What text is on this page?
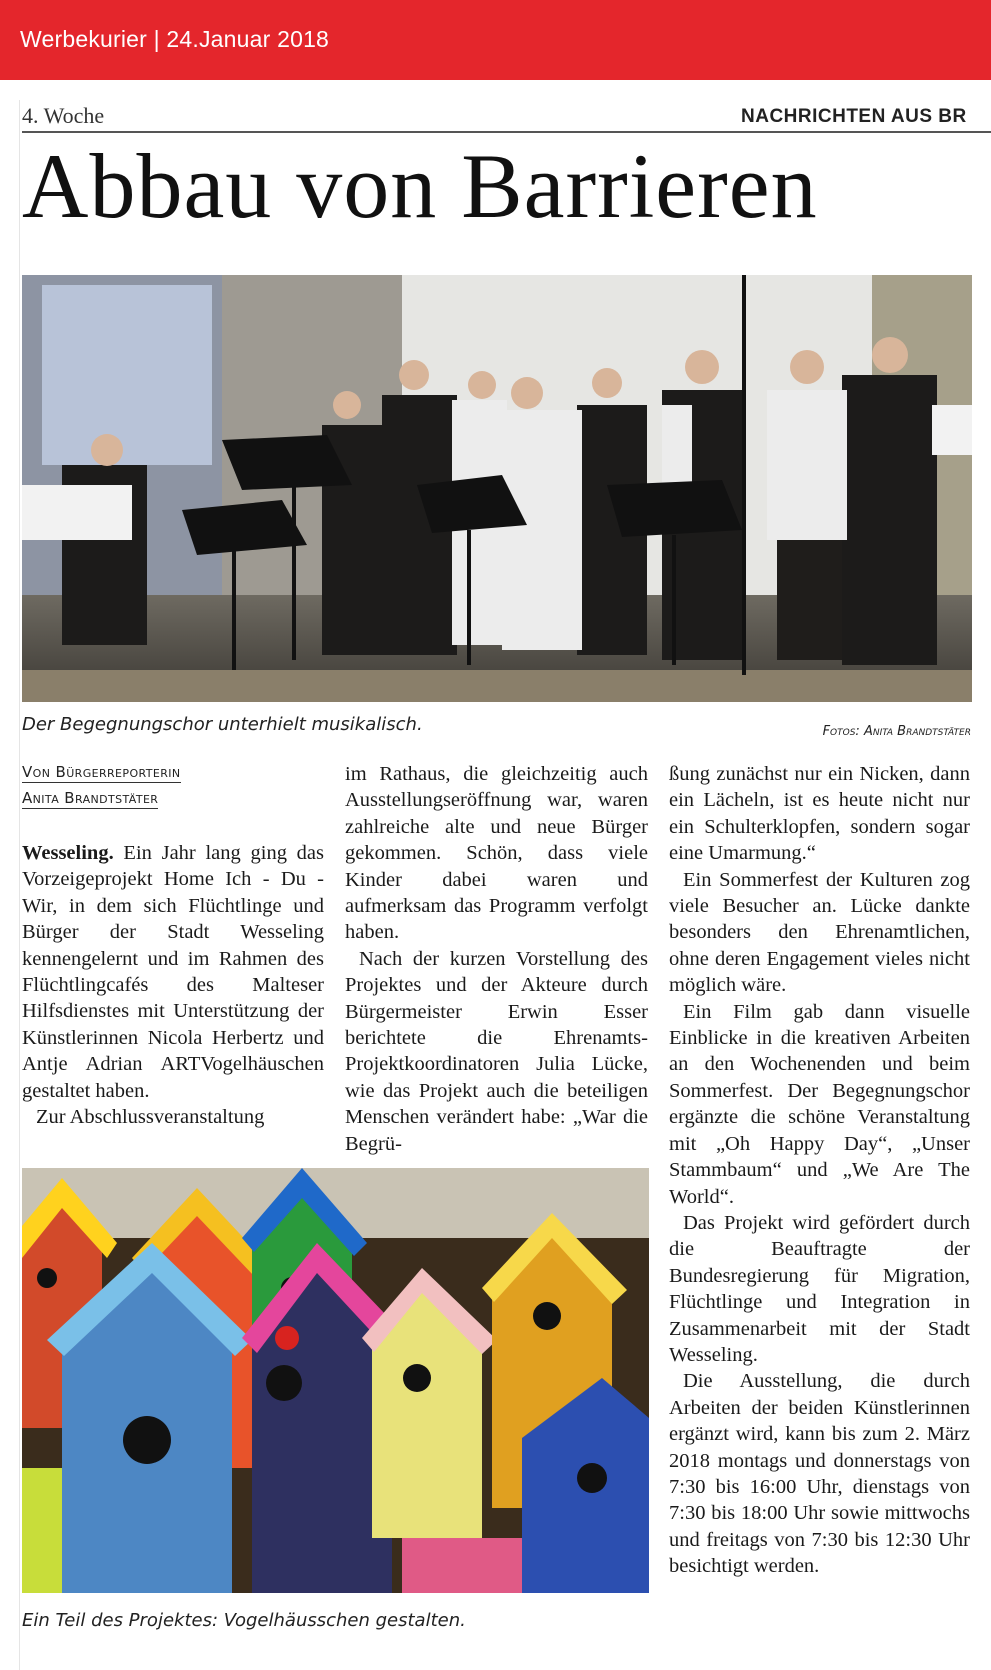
Werbekurier | 24.Januar 2018
4. Woche	NACHRICHTEN AUS BR
Abbau von Barrieren
Der Begegnungschor unterhielt musikalisch.	Fotos: Anita Brandtstäter
Von Bürgerreporterin
Anita Brandtstäter

Wesseling. Ein Jahr lang ging das Vorzeigeprojekt Home Ich - Du - Wir, in dem sich Flüchtlinge und Bürger der Stadt Wesseling kennengelernt und im Rahmen des Flüchtlingcafés des Malteser Hilfsdienstes mit Unterstützung der Künstlerinnen Nicola Herbertz und Antje Adrian ARTVogelhäuschen gestaltet haben.

Zur Abschlussveranstaltung

im Rathaus, die gleichzeitig auch Ausstellungseröffnung war, waren zahlreiche alte und neue Bürger gekommen. Schön, dass viele Kinder dabei waren und aufmerksam das Programm verfolgt haben.

Nach der kurzen Vorstellung des Projektes und der Akteure durch Bürgermeister Erwin Esser berichtete die Ehrenamts-Projektkoordinatoren Julia Lücke, wie das Projekt auch die beteiligen Menschen verändert habe: „War die Begrü-

ßung zunächst nur ein Nicken, dann ein Lächeln, ist es heute nicht nur ein Schulterklopfen, sondern sogar eine Umarmung.“

Ein Sommerfest der Kulturen zog viele Besucher an. Lücke dankte besonders den Ehrenamtlichen, ohne deren Engagement vieles nicht möglich wäre.

Ein Film gab dann visuelle Einblicke in die kreativen Arbeiten an den Wochenenden und beim Sommerfest. Der Begegnungschor ergänzte die schöne Veranstaltung mit „Oh Happy Day“, „Unser Stammbaum“ und „We Are The World“.

Das Projekt wird gefördert durch die Beauftragte der Bundesregierung für Migration, Flüchtlinge und Integration in Zusammenarbeit mit der Stadt Wesseling.

Die Ausstellung, die durch Arbeiten der beiden Künstlerinnen ergänzt wird, kann bis zum 2. März 2018 montags und donnerstags von 7:30 bis 16:00 Uhr, dienstags von 7:30 bis 18:00 Uhr sowie mittwochs und freitags von 7:30 bis 12:30 Uhr besichtigt werden.

Ein Teil des Projektes: Vogelhäusschen gestalten.
